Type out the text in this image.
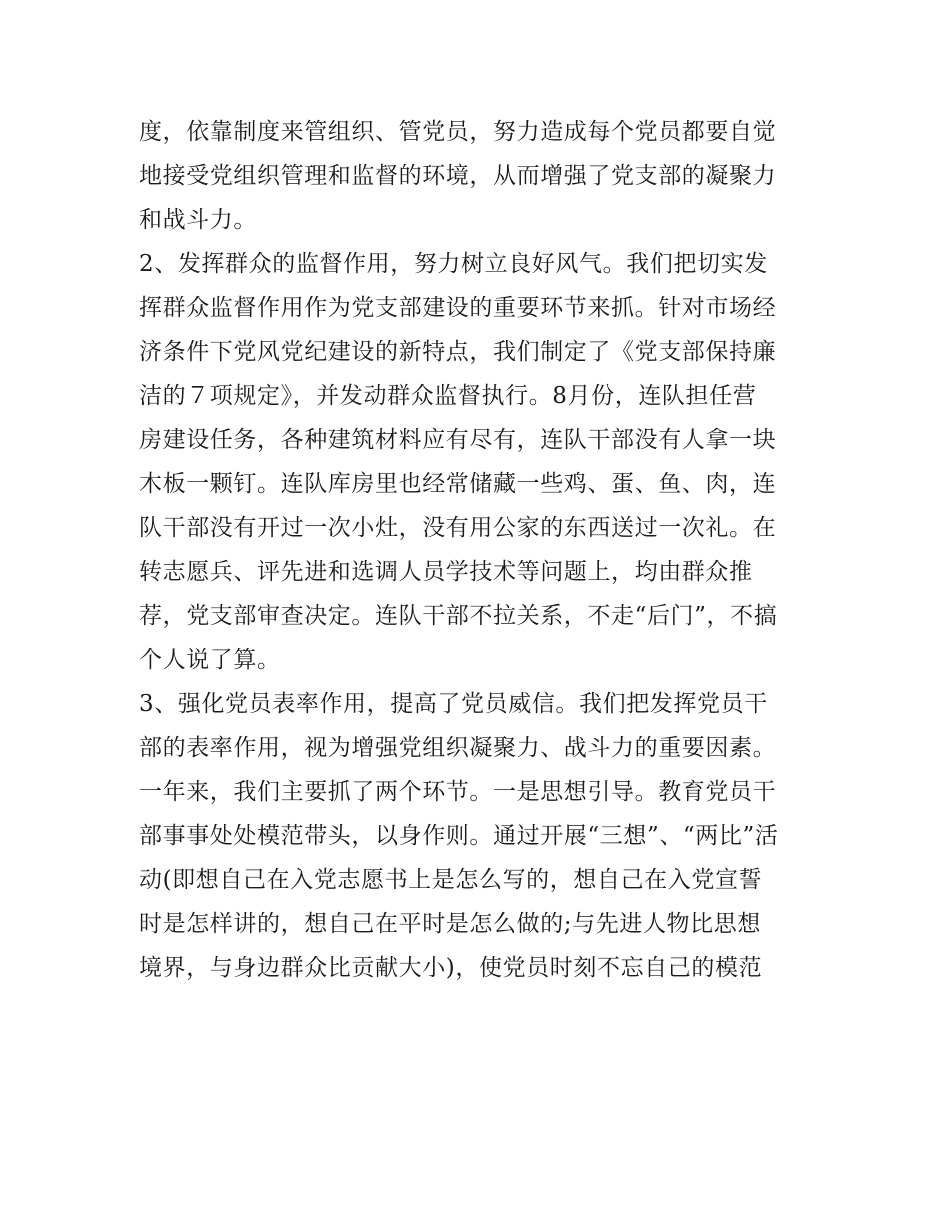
度，依靠制度来管组织、管党员，努力造成每个党员都要自觉
地接受党组织管理和监督的环境，从而增强了党支部的凝聚力
和战斗力。
2、发挥群众的监督作用，努力树立良好风气。我们把切实发
挥群众监督作用作为党支部建设的重要环节来抓。针对市场经
济条件下党风党纪建设的新特点，我们制定了《党支部保持廉
洁的７项规定》，并发动群众监督执行。8月份，连队担任营
房建设任务，各种建筑材料应有尽有，连队干部没有人拿一块
木板一颗钉。连队库房里也经常储藏一些鸡、蛋、鱼、肉，连
队干部没有开过一次小灶，没有用公家的东西送过一次礼。在
转志愿兵、评先进和选调人员学技术等问题上，均由群众推
荐，党支部审查决定。连队干部不拉关系，不走“后门”，不搞
个人说了算。
3、强化党员表率作用，提高了党员威信。我们把发挥党员干
部的表率作用，视为增强党组织凝聚力、战斗力的重要因素。
一年来，我们主要抓了两个环节。一是思想引导。教育党员干
部事事处处模范带头，以身作则。通过开展“三想”、“两比”活
动(即想自己在入党志愿书上是怎么写的，想自己在入党宣誓
时是怎样讲的，想自己在平时是怎么做的;与先进人物比思想
境界，与身边群众比贡献大小)，使党员时刻不忘自己的模范
